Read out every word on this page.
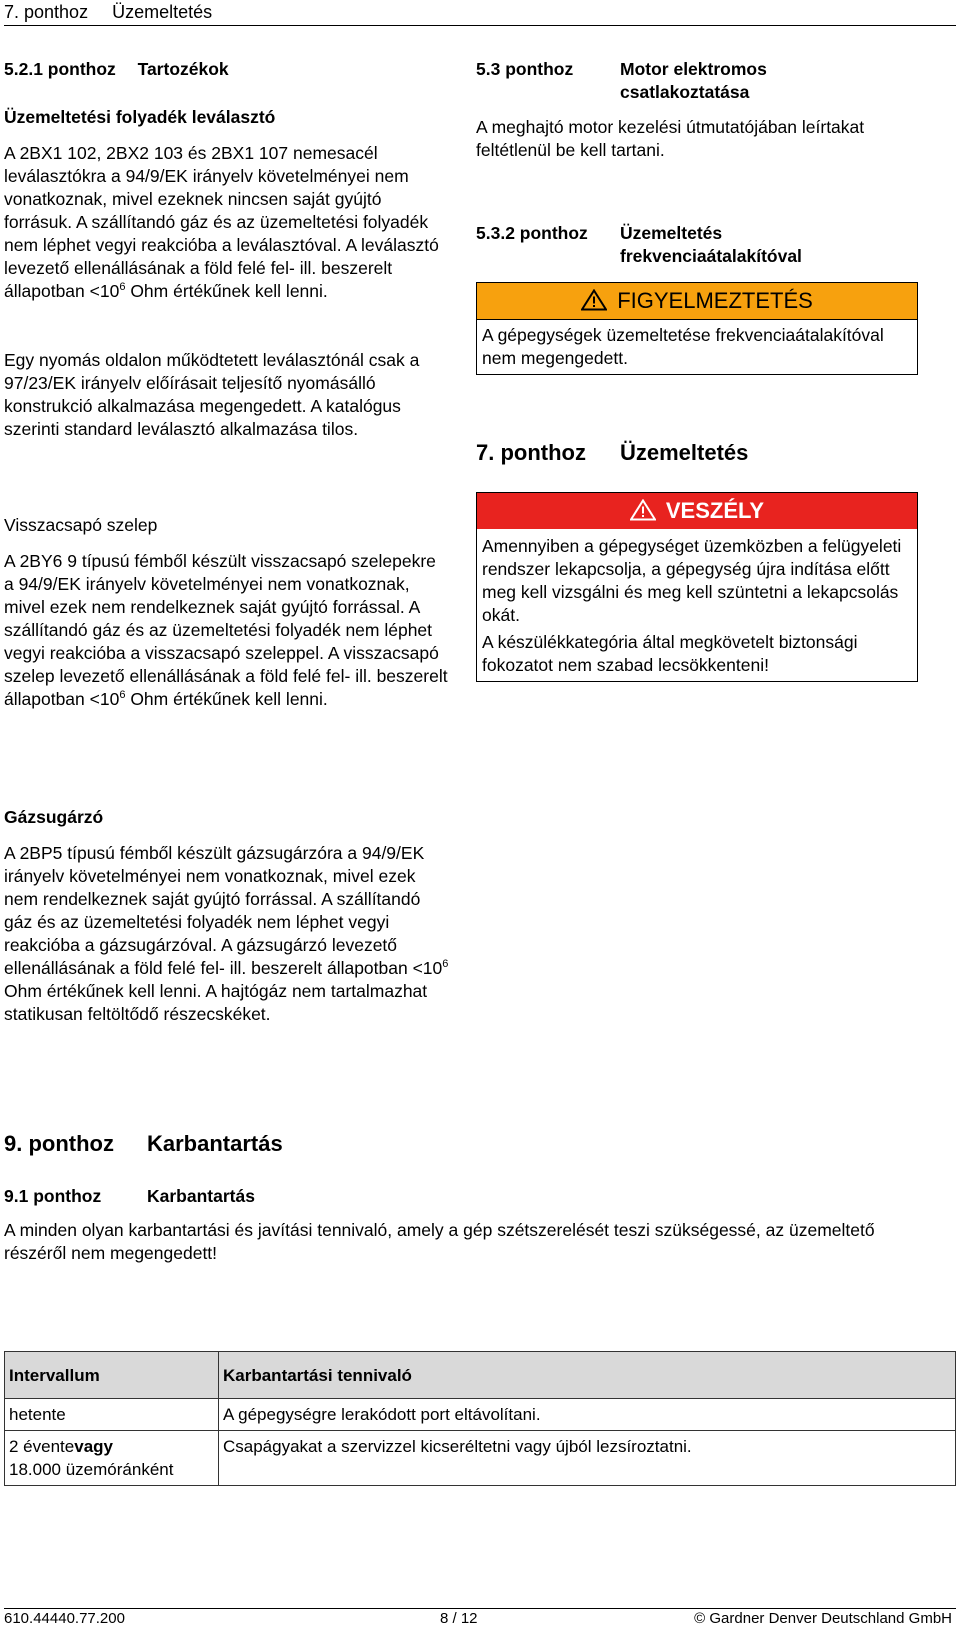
7. ponthoz Üzemeltetés
5.2.1 ponthoz Tartozékok
Üzemeltetési folyadék leválasztó

A 2BX1 102, 2BX2 103 és 2BX1 107 nemesacél leválasztókra a 94/9/EK irányelv követelményei nem vonatkoznak, mivel ezeknek nincsen saját gyújtó forrásuk. A szállítandó gáz és az üzemeltetési folyadék nem léphet vegyi reakcióba a leválasztóval. A leválasztó levezető ellenállásának a föld felé fel- ill. beszerelt állapotban $<10^6$ Ohm értékűnek kell lenni.

Egy nyomás oldalon működtetett leválasztónál csak a 97/23/EK irányelv előírásait teljesítő nyomásálló konstrukció alkalmazása megengedett. A katalógus szerinti standard leválasztó alkalmazása tilos.

Visszacsapó szelep

A 2BY6 9 típusú fémből készült visszacsapó szelepekre a 94/9/EK irányelv követelményei nem vonatkoznak, mivel ezek nem rendelkeznek saját gyújtó forrással. A szállítandó gáz és az üzemeltetési folyadék nem léphet vegyi reakcióba a visszacsapó szeleppel. A visszacsapó szelep levezető ellenállásának a föld felé fel- ill. beszerelt állapotban $<10^6$ Ohm értékűnek kell lenni.

Gázsugárzó

A 2BP5 típusú fémből készült gázsugárzóra a 94/9/EK irányelv követelményei nem vonatkoznak, mivel ezek nem rendelkeznek saját gyújtó forrással. A szállítandó gáz és az üzemeltetési folyadék nem léphet vegyi reakcióba a gázsugárzóval. A gázsugárzó levezető ellenállásának a föld felé fel- ill. beszerelt állapotban $<10^6$ Ohm értékűnek kell lenni. A hajtógáz nem tartalmazhat statikusan feltöltődő részecskéket.

5.3 ponthoz	Motor elektromos
csatlakoztatása

A meghajtó motor kezelési útmutatójában leírtakat feltétlenül be kell tartani.

5.3.2 ponthoz Üzemeltetés
frekvenciaátalakítóval
FIGYELMEZTETÉS
A gépegységek üzemeltetése frekvenciaátalakítóval nem megengedett.
7. ponthoz Üzemeltetés
VESZÉLY

Amennyiben a gépegységet üzemközben a felügyeleti rendszer lekapcsolja, a gépegység újra indítása előtt meg kell vizsgálni és meg kell szüntetni a lekapcsolás okát.

A készülékkategória által megkövetelt biztonsági fokozatot nem szabad lecsökkenteni!

9. ponthoz Karbantartás
9.1 ponthoz	Karbantartás

A minden olyan karbantartási és javítási tennivaló, amely a gép szétszerelését teszi szükségessé, az üzemeltető részéről nem megengedett!

Intervallum	Karbantartási tennivaló
hetente	A gépegységre lerakódott port eltávolítani.
2 éventevagy
18.000 üzemóránként	Csapágyakat a szervizzel kicseréltetni vagy újból lezsíroztatni.
610.44440.77.200	8 / 12	© Gardner Denver Deutschland GmbH
